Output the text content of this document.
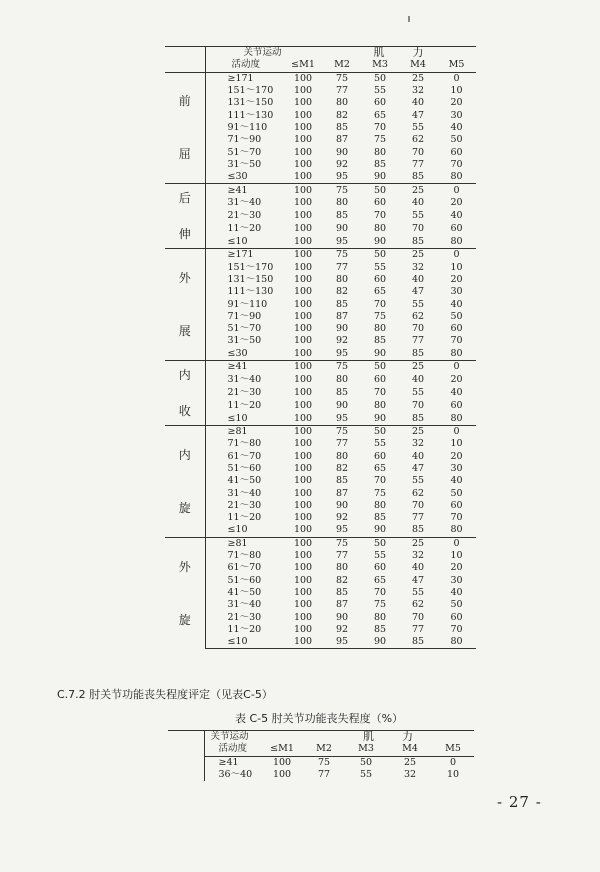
	关节运动		肌　　力			
	活动度	≤M1	M2	M3	M4	M5

前
屈	≥171	100	75	50	25	0
	151～170	100	77	55	32	10
	131～150	100	80	60	40	20
	111～130	100	82	65	47	30
	91～110	100	85	70	55	40
	71～90	100	87	75	62	50
	51～70	100	90	80	70	60
	31～50	100	92	85	77	70
	≤30	100	95	90	85	80

后
伸	≥41	100	75	50	25	0
	31～40	100	80	60	40	20
	21～30	100	85	70	55	40
	11～20	100	90	80	70	60
	≤10	100	95	90	85	80

外
展	≥171	100	75	50	25	0
	151～170	100	77	55	32	10
	131～150	100	80	60	40	20
	111～130	100	82	65	47	30
	91～110	100	85	70	55	40
	71～90	100	87	75	62	50
	51～70	100	90	80	70	60
	31～50	100	92	85	77	70
	≤30	100	95	90	85	80

内
收	≥41	100	75	50	25	0
	31～40	100	80	60	40	20
	21～30	100	85	70	55	40
	11～20	100	90	80	70	60
	≤10	100	95	90	85	80

内
旋	≥81	100	75	50	25	0
	71～80	100	77	55	32	10
	61～70	100	80	60	40	20
	51～60	100	82	65	47	30
	41～50	100	85	70	55	40
	31～40	100	87	75	62	50
	21～30	100	90	80	70	60
	11～20	100	92	85	77	70
	≤10	100	95	90	85	80

外
旋	≥81	100	75	50	25	0
	71～80	100	77	55	32	10
	61～70	100	80	60	40	20
	51～60	100	82	65	47	30
	41～50	100	85	70	55	40
	31～40	100	87	75	62	50
	21～30	100	90	80	70	60
	11～20	100	92	85	77	70
	≤10	100	95	90	85	80
C.7.2 肘关节功能丧失程度评定（见表C-5）
表 C-5 肘关节功能丧失程度（%）
	关节运动		肌　　力			
	活动度	≤M1	M2	M3	M4	M5
	≥41	100	75	50	25	0
	36～40	100	77	55	32	10
- 27 -
